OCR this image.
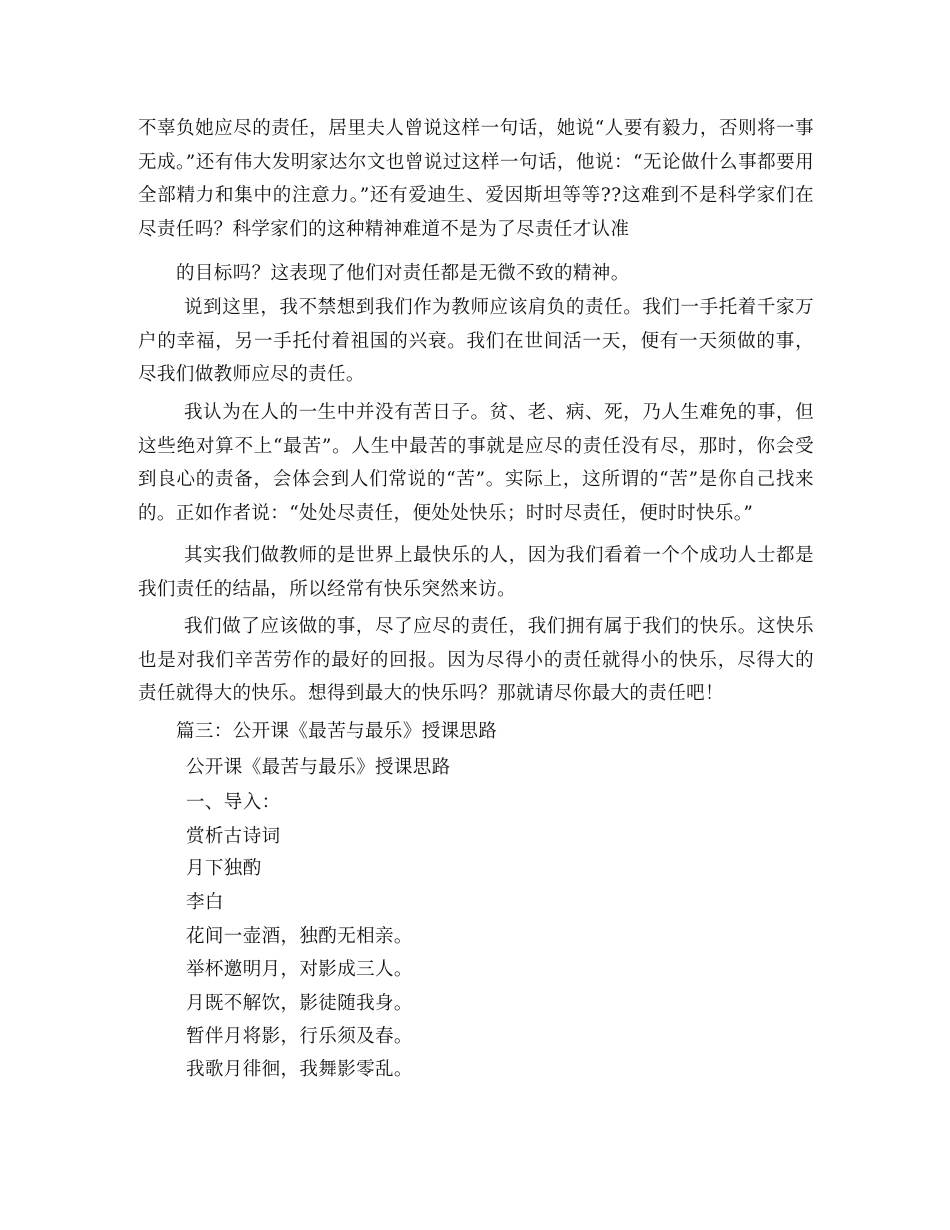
不辜负她应尽的责任，居里夫人曾说这样一句话，她说“人要有毅力，否则将一事无成。”还有伟大发明家达尔文也曾说过这样一句话，他说：“无论做什么事都要用全部精力和集中的注意力。”还有爱迪生、爱因斯坦等等??这难到不是科学家们在尽责任吗？科学家们的这种精神难道不是为了尽责任才认准

的目标吗？这表现了他们对责任都是无微不致的精神。

说到这里，我不禁想到我们作为教师应该肩负的责任。我们一手托着千家万户的幸福，另一手托付着祖国的兴衰。我们在世间活一天，便有一天须做的事，尽我们做教师应尽的责任。

我认为在人的一生中并没有苦日子。贫、老、病、死，乃人生难免的事，但这些绝对算不上“最苦”。人生中最苦的事就是应尽的责任没有尽，那时，你会受到良心的责备，会体会到人们常说的“苦”。实际上，这所谓的“苦”是你自己找来的。正如作者说：“处处尽责任，便处处快乐；时时尽责任，便时时快乐。”

其实我们做教师的是世界上最快乐的人，因为我们看着一个个成功人士都是我们责任的结晶，所以经常有快乐突然来访。

我们做了应该做的事，尽了应尽的责任，我们拥有属于我们的快乐。这快乐也是对我们辛苦劳作的最好的回报。因为尽得小的责任就得小的快乐，尽得大的责任就得大的快乐。想得到最大的快乐吗？那就请尽你最大的责任吧！

篇三：公开课《最苦与最乐》授课思路

公开课《最苦与最乐》授课思路

一、导入：

赏析古诗词

月下独酌

李白

花间一壶酒，独酌无相亲。

举杯邀明月，对影成三人。

月既不解饮，影徒随我身。

暂伴月将影，行乐须及春。

我歌月徘徊，我舞影零乱。
